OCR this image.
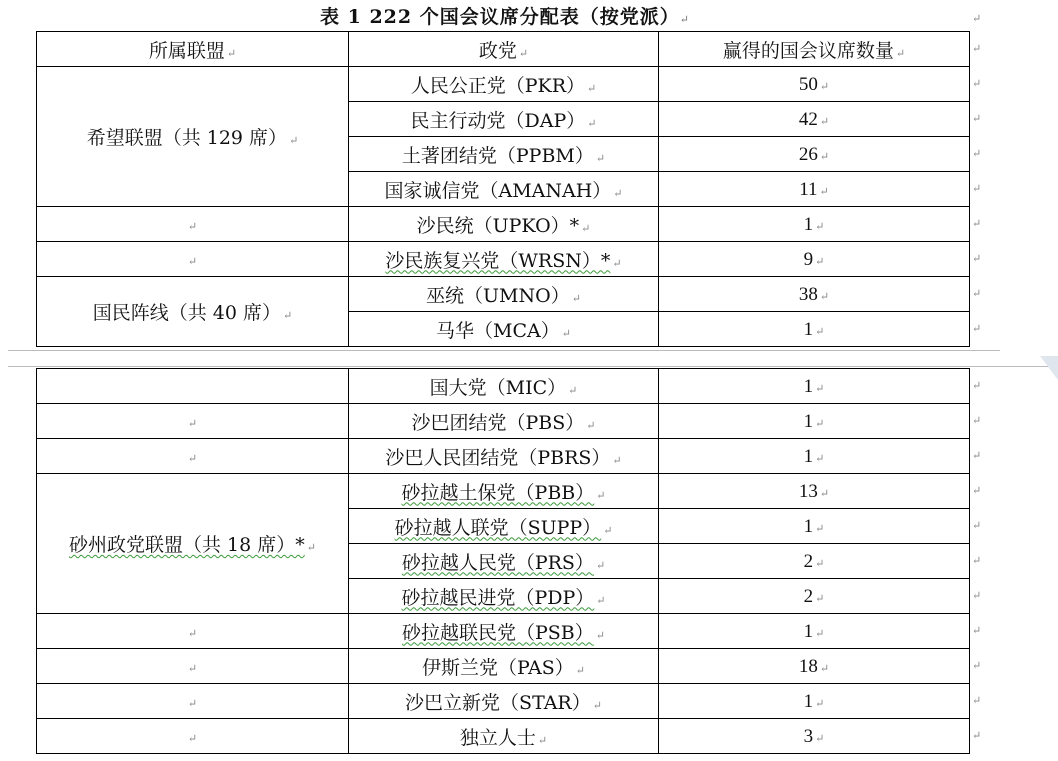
表 1 222 个国会议席分配表（按党派）↵
所属联盟 ↵	政党 ↵	赢得的国会议席数量 ↵
希望联盟（共 129 席） ↵	人民公正党（PKR） ↵	50 ↵
	民主行动党（DAP） ↵	42 ↵
	土著团结党（PPBM） ↵	26 ↵
	国家诚信党（AMANAH） ↵	11 ↵
↵	沙民统（UPKO）* ↵	1 ↵
↵	沙民族复兴党（WRSN）* ↵	9 ↵
国民阵线（共 40 席） ↵	巫统（UMNO） ↵	38 ↵
	马华（MCA） ↵	1 ↵
	国大党（MIC） ↵	1 ↵
↵	沙巴团结党（PBS） ↵	1 ↵
↵	沙巴人民团结党（PBRS） ↵	1 ↵
砂州政党联盟（共 18 席）* ↵	砂拉越土保党（PBB） ↵	13 ↵
	砂拉越人联党（SUPP） ↵	1 ↵
	砂拉越人民党（PRS） ↵	2 ↵
	砂拉越民进党（PDP） ↵	2 ↵
↵	砂拉越联民党（PSB） ↵	1 ↵
↵	伊斯兰党（PAS） ↵	18 ↵
↵	沙巴立新党（STAR） ↵	1 ↵
↵	独立人士 ↵	3 ↵
↵
↵
↵
↵
↵
↵
↵
↵
↵
↵
↵
↵
↵
↵
↵
↵
↵
↵
↵
↵
↵
